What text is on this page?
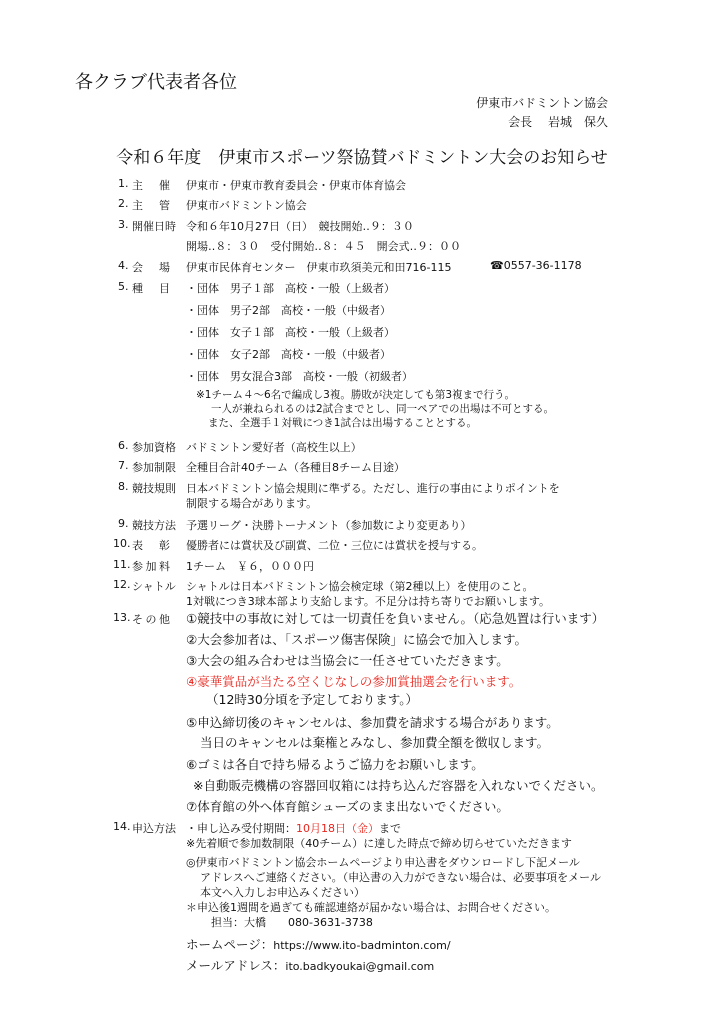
各クラブ代表者各位
伊東市バドミントン協会
会長　 岩城　保久
令和６年度　伊東市スポーツ祭協賛バドミントン大会のお知らせ
1. 主 催 伊東市・伊東市教育委員会・伊東市体育協会
2. 主 管 伊東市バドミントン協会
3. 開 催 日 時 令和６年10月27日（日）　競技開始‥９：３０
開場‥８：３０　受付開始‥８：４５　開会式‥９：００
4. 会 場 伊東市民体育センター　伊東市玖須美元和田716-115	☎0557-36-1178
5. 種 目 ・団体　男子１部　高校・一般（上級者）
・団体　男子2部　高校・一般（中級者）
・団体　女子１部　高校・一般（上級者）
・団体　女子2部　高校・一般（中級者）
・団体　男女混合3部　高校・一般（初級者）
※1チーム４～6名で編成し3複。勝敗が決定しても第3複まで行う。
一人が兼ねられるのは2試合までとし、同一ペアでの出場は不可とする。
また、全選手１対戦につき1試合は出場することとする。
6. 参 加 資 格 バドミントン愛好者（高校生以上）
7. 参 加 制 限 全種目合計40チーム（各種目8チーム目途）
8. 競 技 規 則 日本バドミントン協会規則に準ずる。ただし、進行の事由によりポイントを
制限する場合があります。
9. 競 技 方 法 予選リーグ・決勝トーナメント（参加数により変更あり）
10. 表 彰 優勝者には賞状及び副賞、二位・三位には賞状を授与する。
11. 参 加 料 1チーム　￥６，０００円
12. シャトル シャトルは日本バドミントン協会検定球（第2種以上）を使用のこと。
1対戦につき3球本部より支給します。不足分は持ち寄りでお願いします。
13. そ の 他 ①競技中の事故に対しては一切責任を負いません。（応急処置は行います）
②大会参加者は、「スポーツ傷害保険」に協会で加入します。
③大会の組み合わせは当協会に一任させていただきます。
④豪華賞品が当たる空くじなしの参加賞抽選会を行います。
（12時30分頃を予定しております。）
⑤申込締切後のキャンセルは、参加費を請求する場合があります。
当日のキャンセルは棄権とみなし、参加費全額を徴収します。
⑥ゴミは各自で持ち帰るようご協力をお願いします。
※自動販売機構の容器回収箱には持ち込んだ容器を入れないでください。
⑦体育館の外へ体育館シューズのまま出ないでください。
14. 申 込 方 法 ・申し込み受付期間：10月18日（金）まで
※先着順で参加数制限（40チーム）に達した時点で締め切らせていただきます
◎伊東市バドミントン協会ホームページより申込書をダウンロードし下記メール
アドレスへご連絡ください。（申込書の入力ができない場合は、必要事項をメール
本文へ入力しお申込みください）
＊申込後1週間を過ぎても確認連絡が届かない場合は、お問合せください。
担当：大橋　　080-3631-3738
ホームページ：https://www.ito-badminton.com/
メールアドレス：ito.badkyoukai@gmail.com
